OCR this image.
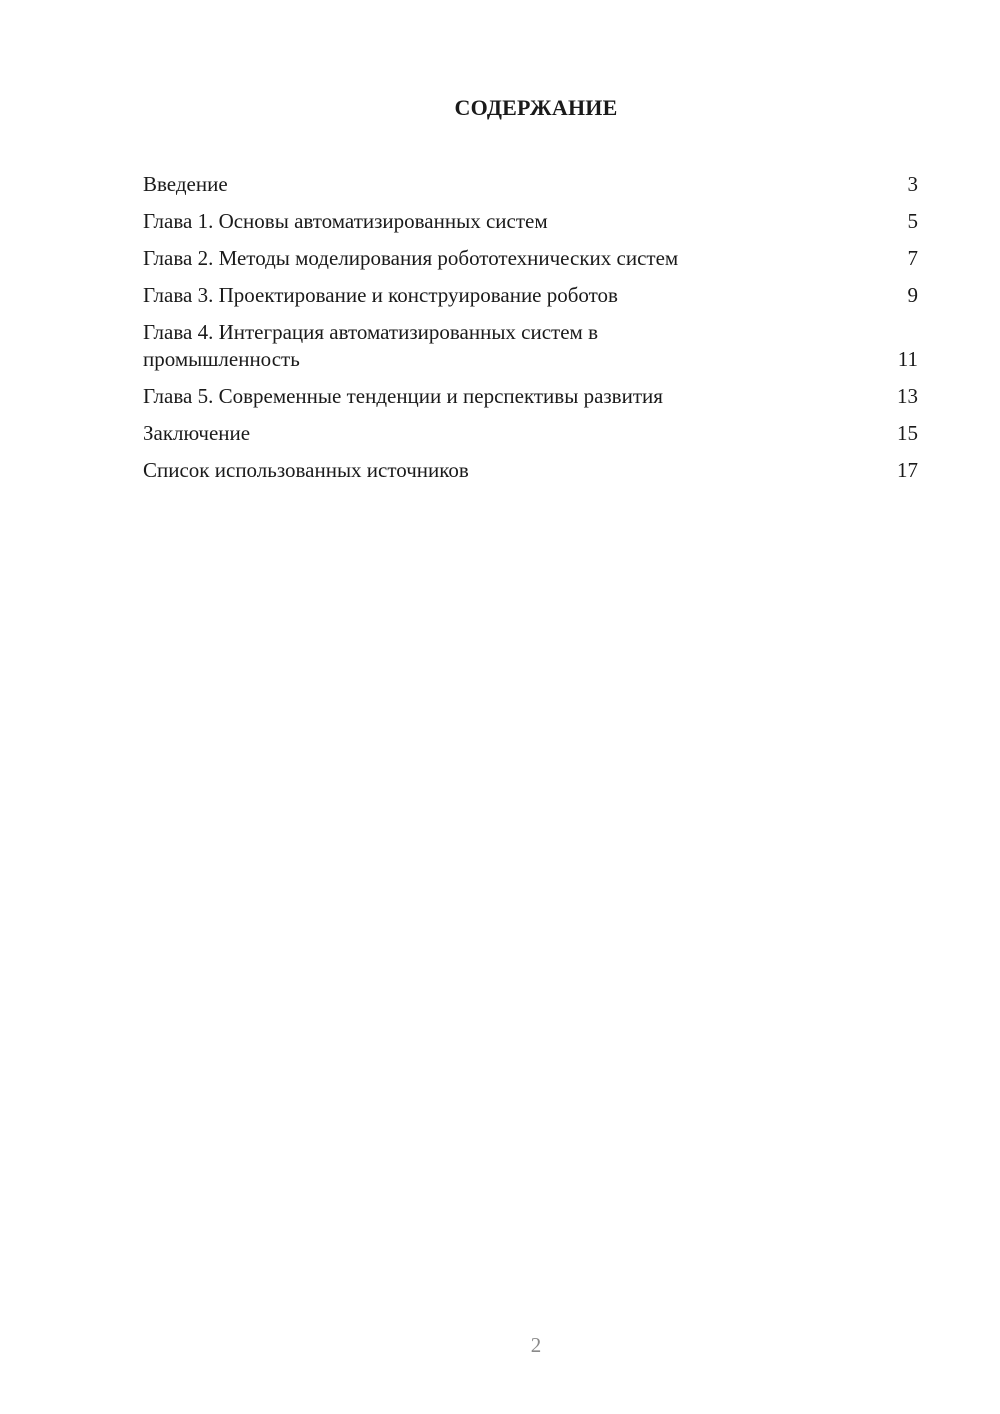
СОДЕРЖАНИЕ
Введение	3
Глава 1. Основы автоматизированных систем	5
Глава 2. Методы моделирования робототехнических систем	7
Глава 3. Проектирование и конструирование роботов	9
Глава 4. Интеграция автоматизированных систем в промышленность	11
Глава 5. Современные тенденции и перспективы развития	13
Заключение	15
Список использованных источников	17
2
